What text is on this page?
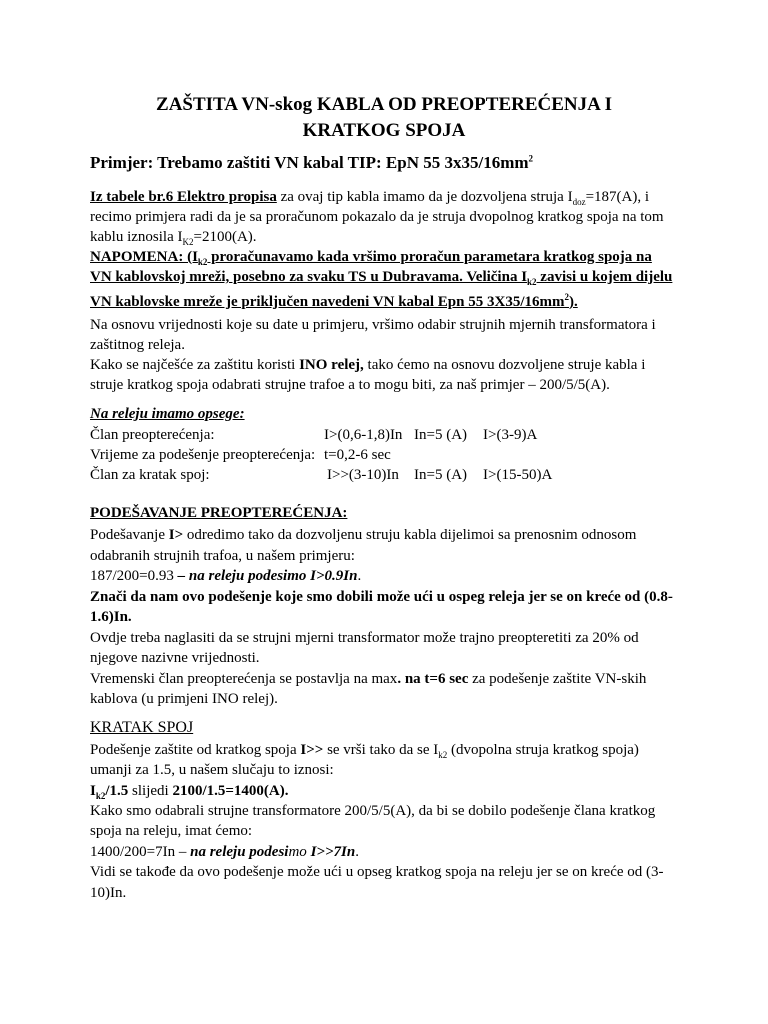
ZAŠTITA VN-skog KABLA OD PREOPTEREĆENJA I
KRATKOG SPOJA
Primjer: Trebamo zaštiti VN kabal TIP: EpN 55 $3x35/16mm^2$
Iz tabele br.6 Elektro propisa za ovaj tip kabla imamo da je dozvoljena struja $I_{doz}=187(A)$, i
recimo primjera radi da je sa proračunom pokazalo da je struja dvopolnog kratkog spoja na tom
kablu iznosila $I_{K2}=2100(A)$.
NAPOMENA: ($I_{k2}$ proračunavamo kada vršimo proračun parametara kratkog spoja na
VN kablovskoj mreži, posebno za svaku TS u Dubravama. Veličina $I_{k2}$ zavisi u kojem dijelu
VN kablovske mreže je priključen navedeni VN kabal Epn 55 $3X35/16mm^2$).
Na osnovu vrijednosti koje su date u primjeru, vršimo odabir strujnih mjernih transformatora i
zaštitnog releja.
Kako se najčešće za zaštitu koristi INO relej, tako ćemo na osnovu dozvoljene struje kabla i
struje kratkog spoja odabrati strujne trafoe a to mogu biti, za naš primjer – 200/5/5(A).
Na releju imamo opsege:
Član preopterećenja:	I>(0,6-1,8)In In=5 (A) I>(3-9)A
Vrijeme za podešenje preopterećenja: t=0,2-6 sec
Član za kratak spoj:	I>>(3-10)In In=5 (A) I>(15-50)A
PODEŠAVANJE PREOPTEREĆENJA:
Podešavanje I> odredimo tako da dozvoljenu struju kabla dijelimoi sa prenosnim odnosom
odabranih strujnih trafoa, u našem primjeru:
187/200=0.93 – na releju podesimo I>0.9In.
Znači da nam ovo podešenje koje smo dobili može ući u ospeg releja jer se on kreće od (0.8-
1.6)In.
Ovdje treba naglasiti da se strujni mjerni transformator može trajno preopteretiti za 20% od
njegove nazivne vrijednosti.
Vremenski član preopterećenja se postavlja na max. na t=6 sec za podešenje zaštite VN-skih
kablova (u primjeni INO relej).
KRATAK SPOJ
Podešenje zaštite od kratkog spoja I>> se vrši tako da se $I_{k2}$ (dvopolna struja kratkog spoja)
umanji za 1.5, u našem slučaju to iznosi:
$I_{k2}/1.5$ slijedi 2100/1.5=1400(A).
Kako smo odabrali strujne transformatore 200/5/5(A), da bi se dobilo podešenje člana kratkog
spoja na releju, imat ćemo:
1400/200=7In – na releju podesimo I>>7In.
Vidi se takođe da ovo podešenje može ući u opseg kratkog spoja na releju jer se on kreće od (3-
10)In.
